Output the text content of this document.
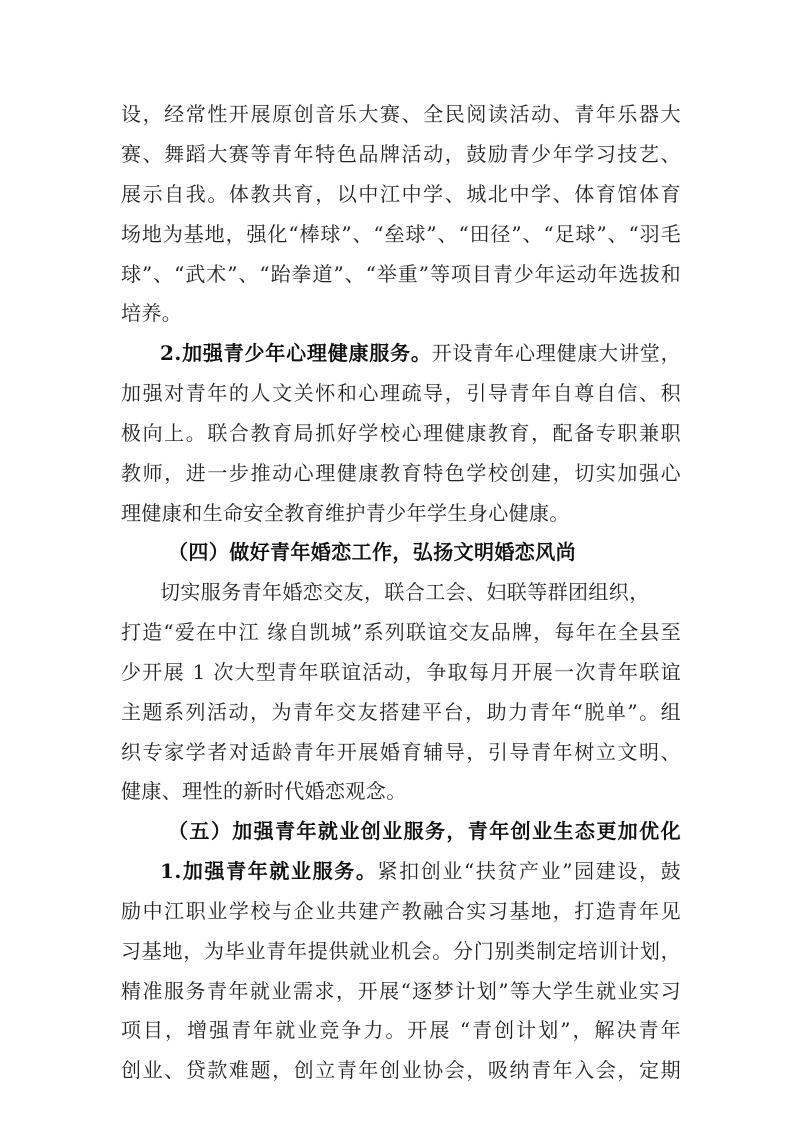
设，经常性开展原创音乐大赛、全民阅读活动、青年乐器大
赛、舞蹈大赛等青年特色品牌活动，鼓励青少年学习技艺、
展示自我。体教共育，以中江中学、城北中学、体育馆体育
场地为基地，强化“棒球”、“垒球”、“田径”、“足球”、“羽毛
球”、“武术”、“跆拳道”、“举重”等项目青少年运动年选拔和
培养。
2.加强青少年心理健康服务。开设青年心理健康大讲堂，
加强对青年的人文关怀和心理疏导，引导青年自尊自信、积
极向上。联合教育局抓好学校心理健康教育，配备专职兼职
教师，进一步推动心理健康教育特色学校创建，切实加强心
理健康和生命安全教育维护青少年学生身心健康。
（四）做好青年婚恋工作，弘扬文明婚恋风尚
切实服务青年婚恋交友，联合工会、妇联等群团组织，
打造“爱在中江 缘自凯城”系列联谊交友品牌，每年在全县至
少开展 1 次大型青年联谊活动，争取每月开展一次青年联谊
主题系列活动，为青年交友搭建平台，助力青年“脱单”。组
织专家学者对适龄青年开展婚育辅导，引导青年树立文明、
健康、理性的新时代婚恋观念。
（五）加强青年就业创业服务，青年创业生态更加优化
1.加强青年就业服务。紧扣创业“扶贫产业”园建设，鼓
励中江职业学校与企业共建产教融合实习基地，打造青年见
习基地，为毕业青年提供就业机会。分门别类制定培训计划，
精准服务青年就业需求，开展“逐梦计划”等大学生就业实习
项目，增强青年就业竞争力。开展 “青创计划”，解决青年
创业、贷款难题，创立青年创业协会，吸纳青年入会，定期
